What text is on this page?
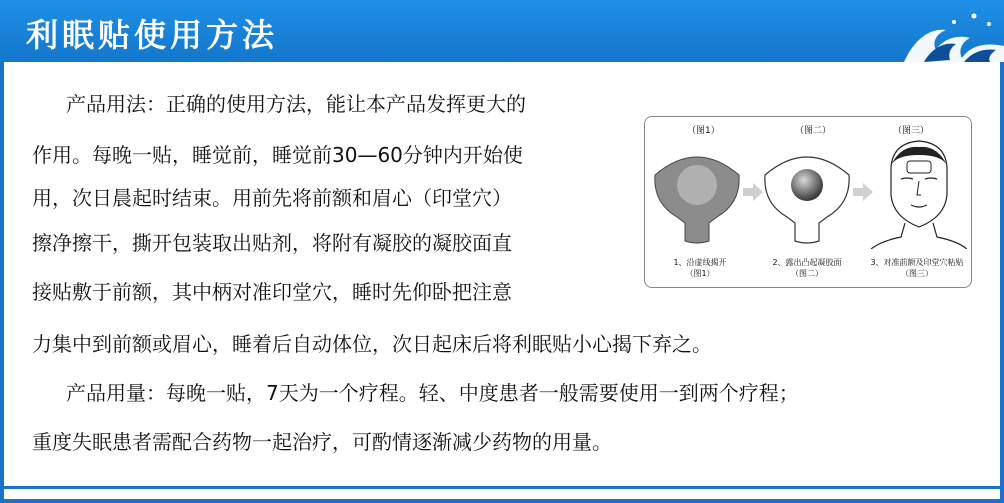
利眠贴使用方法
产品用法：正确的使用方法，能让本产品发挥更大的
作用。每晚一贴，睡觉前，睡觉前30—60分钟内开始使
用，次日晨起时结束。用前先将前额和眉心（印堂穴）
擦净擦干，撕开包装取出贴剂，将附有凝胶的凝胶面直
接贴敷于前额，其中柄对准印堂穴，睡时先仰卧把注意
力集中到前额或眉心，睡着后自动体位，次日起床后将利眠贴小心揭下弃之。
产品用量：每晚一贴，7天为一个疗程。轻、中度患者一般需要使用一到两个疗程；
重度失眠患者需配合药物一起治疗，可酌情逐渐减少药物的用量。
（图1）	（图二）	（图三）
1、沿虚线揭开
（图1）
2、露出凸起凝胶面
（图二）
3、对准前额及印堂穴粘贴
（图三）
